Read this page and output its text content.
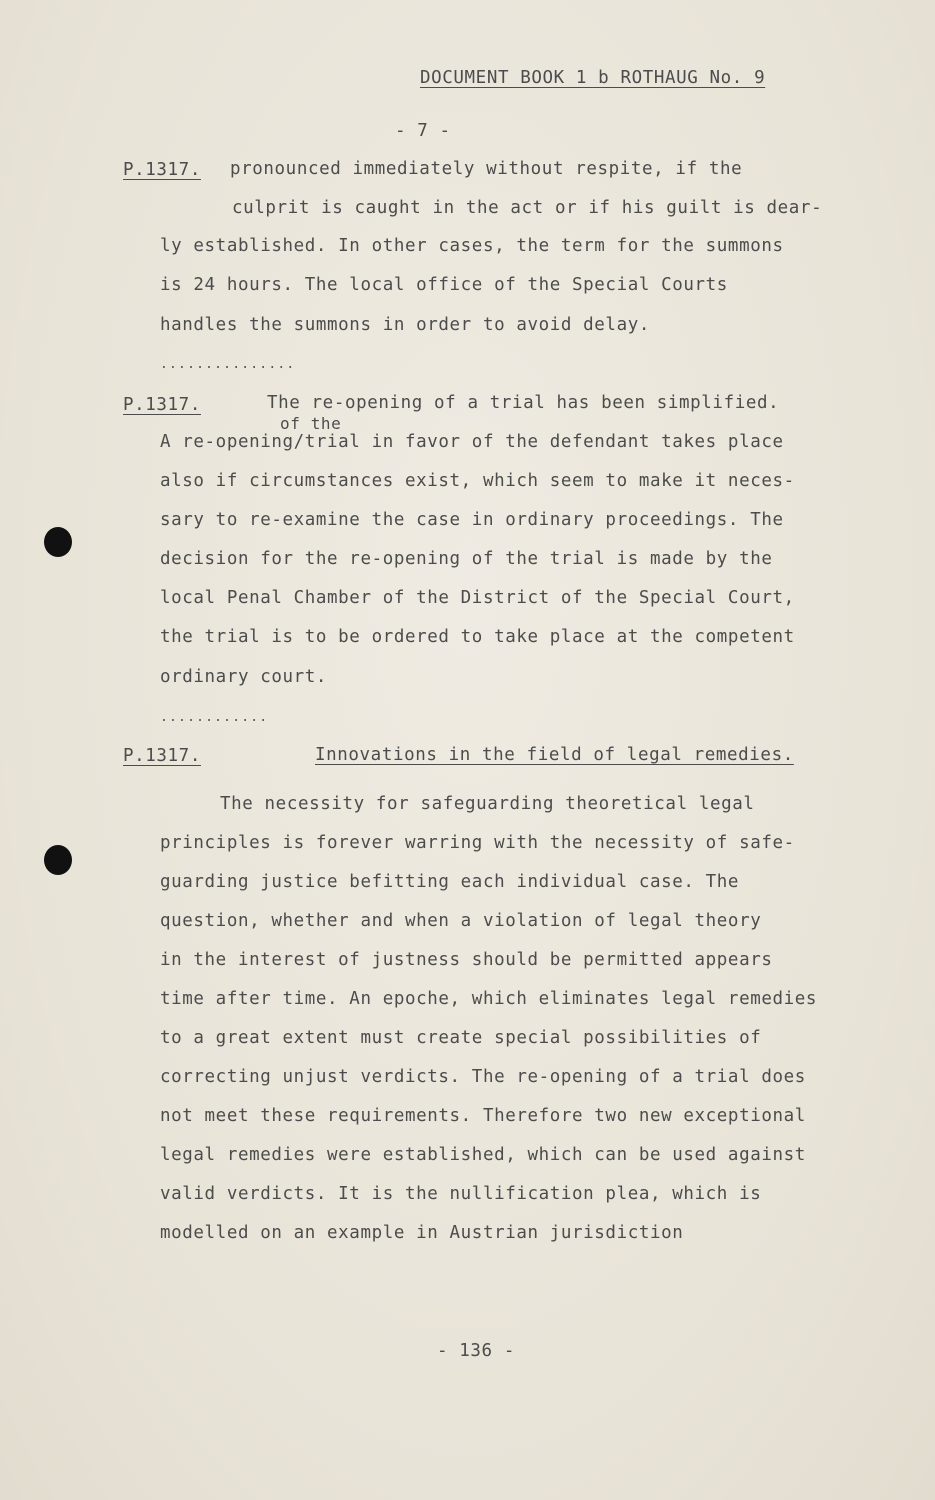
DOCUMENT BOOK 1 b ROTHAUG No. 9
- 7 -
P.1317. pronounced immediately without respite, if the
culprit is caught in the act or if his guilt is dear-
ly established. In other cases, the term for the summons
is 24 hours. The local office of the Special Courts
handles the summons in order to avoid delay.
...............
P.1317.	The re-opening of a trial has been simplified.
of the
A re-opening/trial in favor of the defendant takes place
also if circumstances exist, which seem to make it neces-
sary to re-examine the case in ordinary proceedings. The
decision for the re-opening of the trial is made by the
local Penal Chamber of the District of the Special Court,
the trial is to be ordered to take place at the competent
ordinary court.
............
P.1317.	Innovations in the field of legal remedies.
The necessity for safeguarding theoretical legal
principles is forever warring with the necessity of safe-
guarding justice befitting each individual case. The
question, whether and when a violation of legal theory
in the interest of justness should be permitted appears
time after time. An epoche, which eliminates legal remedies
to a great extent must create special possibilities of
correcting unjust verdicts. The re-opening of a trial does
not meet these requirements. Therefore two new exceptional
legal remedies were established, which can be used against
valid verdicts. It is the nullification plea, which is
modelled on an example in Austrian jurisdiction
- 136 -
